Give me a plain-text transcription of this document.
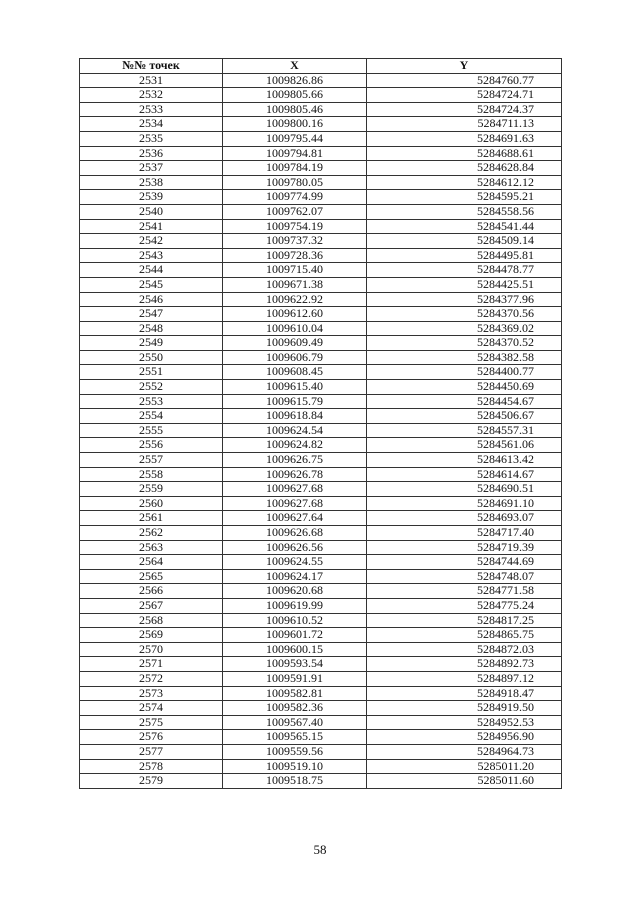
№№ точек	X	Y
2531	1009826.86	5284760.77
2532	1009805.66	5284724.71
2533	1009805.46	5284724.37
2534	1009800.16	5284711.13
2535	1009795.44	5284691.63
2536	1009794.81	5284688.61
2537	1009784.19	5284628.84
2538	1009780.05	5284612.12
2539	1009774.99	5284595.21
2540	1009762.07	5284558.56
2541	1009754.19	5284541.44
2542	1009737.32	5284509.14
2543	1009728.36	5284495.81
2544	1009715.40	5284478.77
2545	1009671.38	5284425.51
2546	1009622.92	5284377.96
2547	1009612.60	5284370.56
2548	1009610.04	5284369.02
2549	1009609.49	5284370.52
2550	1009606.79	5284382.58
2551	1009608.45	5284400.77
2552	1009615.40	5284450.69
2553	1009615.79	5284454.67
2554	1009618.84	5284506.67
2555	1009624.54	5284557.31
2556	1009624.82	5284561.06
2557	1009626.75	5284613.42
2558	1009626.78	5284614.67
2559	1009627.68	5284690.51
2560	1009627.68	5284691.10
2561	1009627.64	5284693.07
2562	1009626.68	5284717.40
2563	1009626.56	5284719.39
2564	1009624.55	5284744.69
2565	1009624.17	5284748.07
2566	1009620.68	5284771.58
2567	1009619.99	5284775.24
2568	1009610.52	5284817.25
2569	1009601.72	5284865.75
2570	1009600.15	5284872.03
2571	1009593.54	5284892.73
2572	1009591.91	5284897.12
2573	1009582.81	5284918.47
2574	1009582.36	5284919.50
2575	1009567.40	5284952.53
2576	1009565.15	5284956.90
2577	1009559.56	5284964.73
2578	1009519.10	5285011.20
2579	1009518.75	5285011.60
58
